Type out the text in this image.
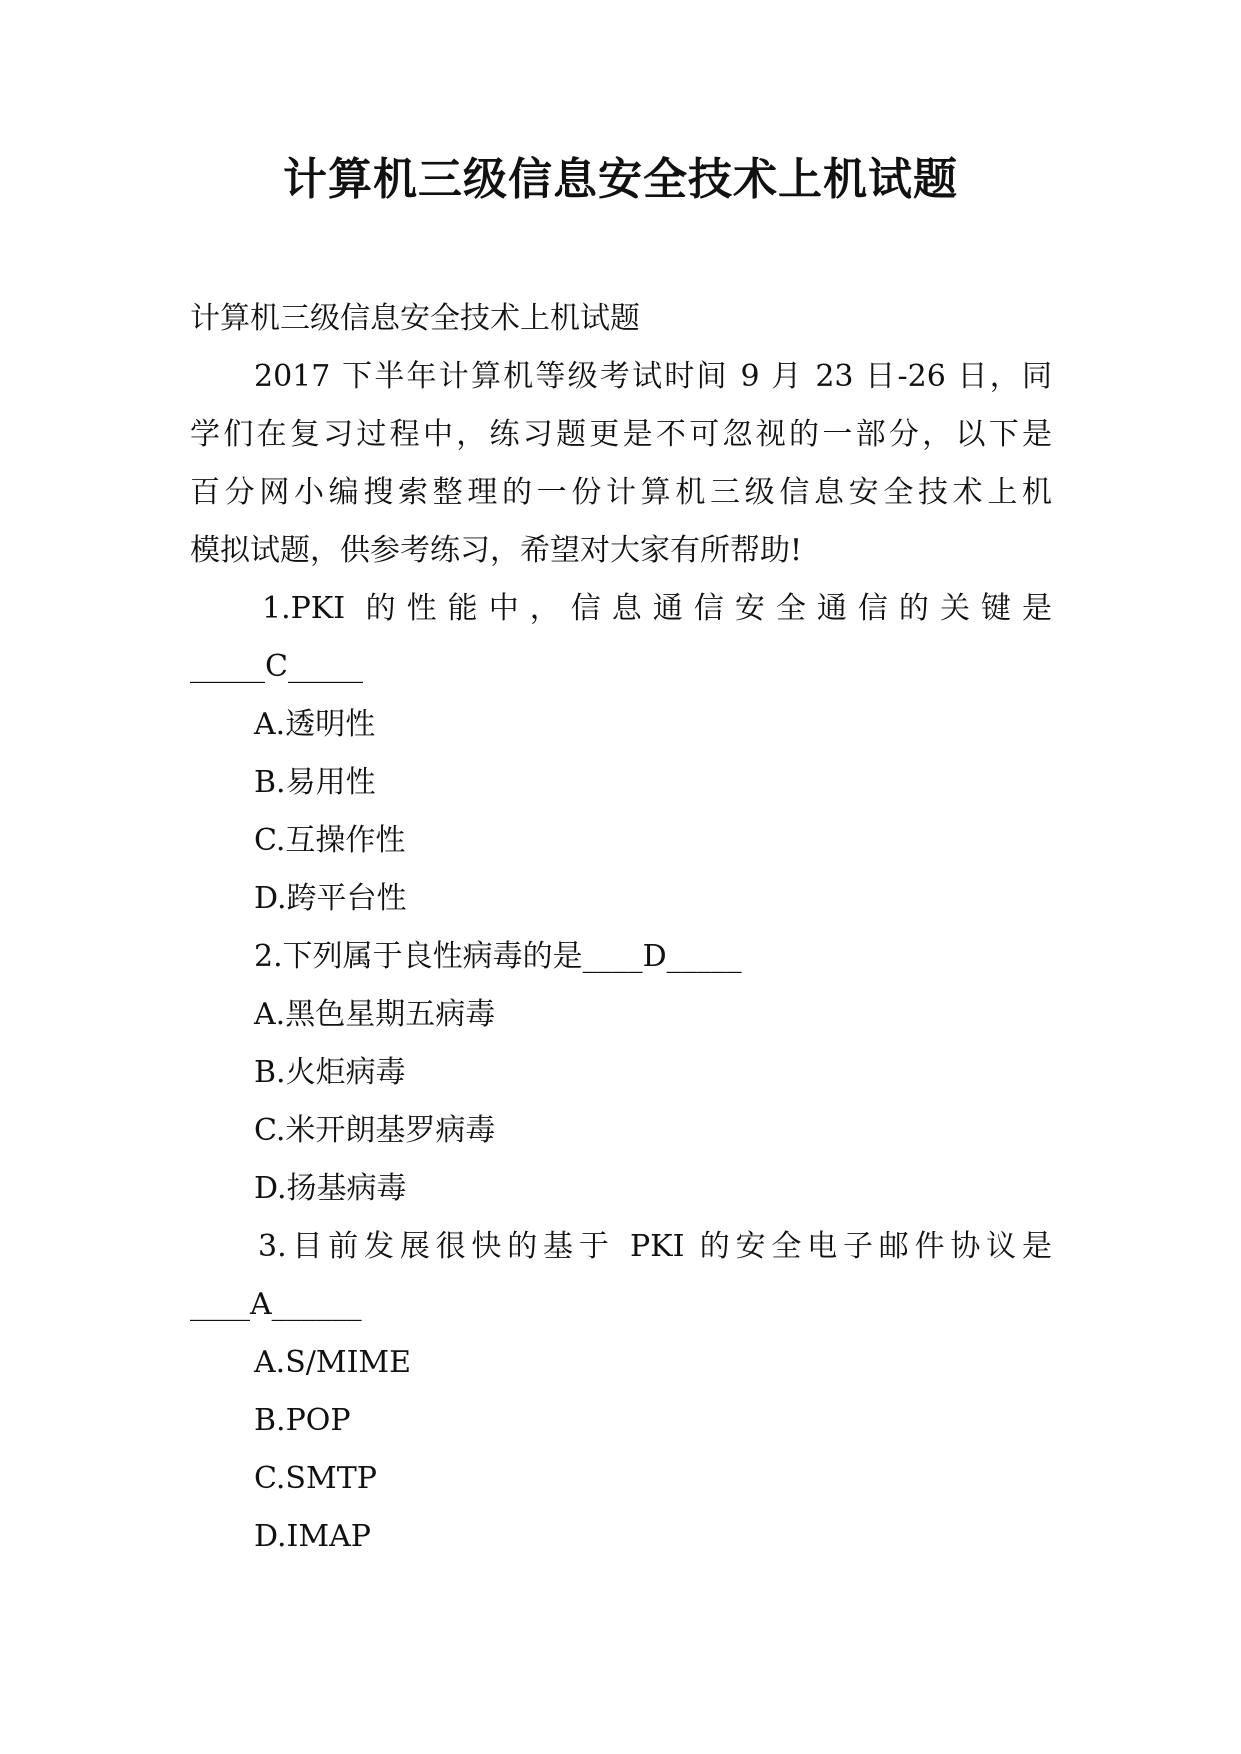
计算机三级信息安全技术上机试题
计算机三级信息安全技术上机试题
2017 下半年计算机等级考试时间 9 月 23 日-26 日，同
学们在复习过程中，练习题更是不可忽视的一部分，以下是
百分网小编搜索整理的一份计算机三级信息安全技术上机
模拟试题，供参考练习，希望对大家有所帮助!
1.PKI 的性能中，信息通信安全通信的关键是
_____C_____
A.透明性
B.易用性
C.互操作性
D.跨平台性
2.下列属于良性病毒的是____D_____
A.黑色星期五病毒
B.火炬病毒
C.米开朗基罗病毒
D.扬基病毒
3.目前发展很快的基于 PKI 的安全电子邮件协议是
____A______
A.S/MIME
B.POP
C.SMTP
D.IMAP
